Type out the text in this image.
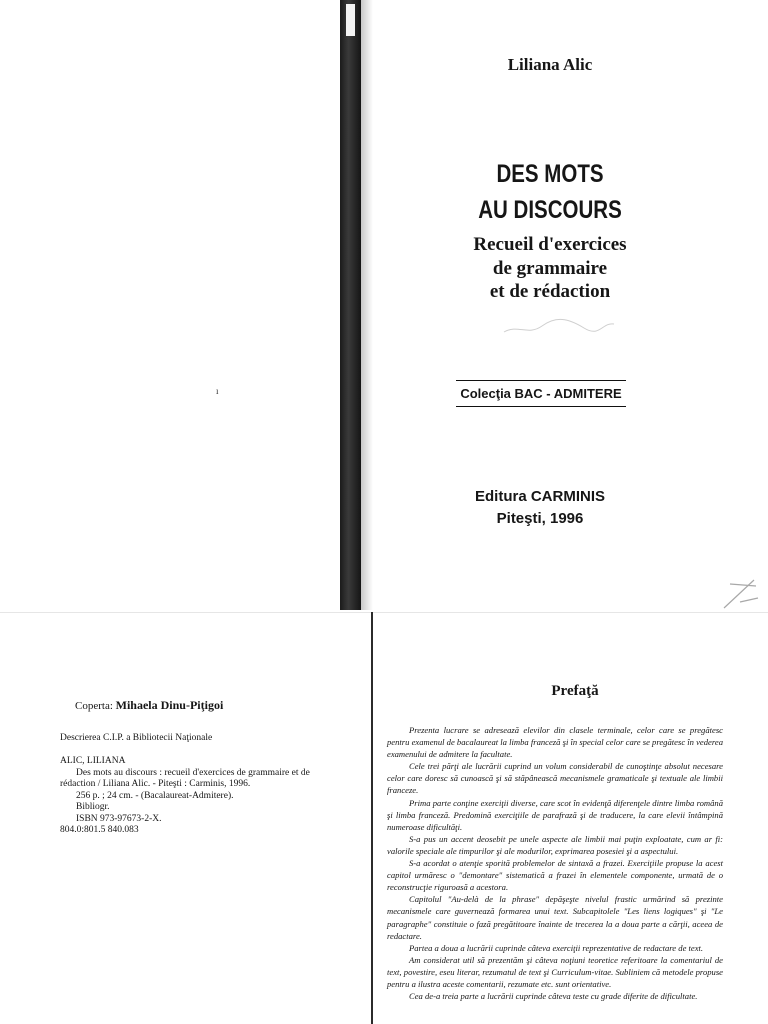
ı
Liliana Alic
DES MOTS
AU DISCOURS
Recueil d'exercices
de grammaire
et de rédaction
Colecţia BAC - ADMITERE
Editura CARMINIS
Piteşti, 1996
Coperta: Mihaela Dinu-Piţigoi
Descrierea C.I.P. a Bibliotecii Naţionale
ALIC, LILIANA
Des mots au discours : recueil d'exercices de grammaire et de
rédaction / Liliana Alic. - Piteşti : Carminis, 1996.
256 p. ; 24 cm. - (Bacalaureat-Admitere).
Bibliogr.
ISBN 973-97673-2-X.
804.0:801.5 840.083
Prefaţă

Prezenta lucrare se adresează elevilor din clasele terminale, celor care se pregătesc pentru examenul de bacalaureat la limba franceză şi în special celor care se pregătesc în vederea examenului de admitere la facultate.

Cele trei părţi ale lucrării cuprind un volum considerabil de cunoştinţe absolut necesare celor care doresc să cunoască şi să stăpânească mecanismele gramaticale şi textuale ale limbii franceze.

Prima parte conţine exerciţii diverse, care scot în evidenţă diferenţele dintre limba română şi limba franceză. Predomină exerciţiile de parafrază şi de traducere, la care elevii întâmpină numeroase dificultăţi.

S-a pus un accent deosebit pe unele aspecte ale limbii mai puţin exploatate, cum ar fi: valorile speciale ale timpurilor şi ale modurilor, exprimarea posesiei şi a aspectului.

S-a acordat o atenţie sporită problemelor de sintaxă a frazei. Exerciţiile propuse la acest capitol urmăresc o "demontare" sistematică a frazei în elementele componente, urmată de o reconstrucţie riguroasă a acestora.

Capitolul "Au-delà de la phrase" depăşeşte nivelul frastic urmărind să prezinte mecanismele care guvernează formarea unui text. Subcapitolele "Les liens logiques" şi "Le paragraphe" constituie o fază pregătitoare înainte de trecerea la a doua parte a cărţii, aceea de redactare.

Partea a doua a lucrării cuprinde câteva exerciţii reprezentative de redactare de text.

Am considerat util să prezentăm şi câteva noţiuni teoretice referitoare la comentariul de text, povestire, eseu literar, rezumatul de text şi Curriculum-vitae. Subliniem că metodele propuse pentru a ilustra aceste comentarii, rezumate etc. sunt orientative.

Cea de-a treia parte a lucrării cuprinde câteva teste cu grade diferite de dificultate.
